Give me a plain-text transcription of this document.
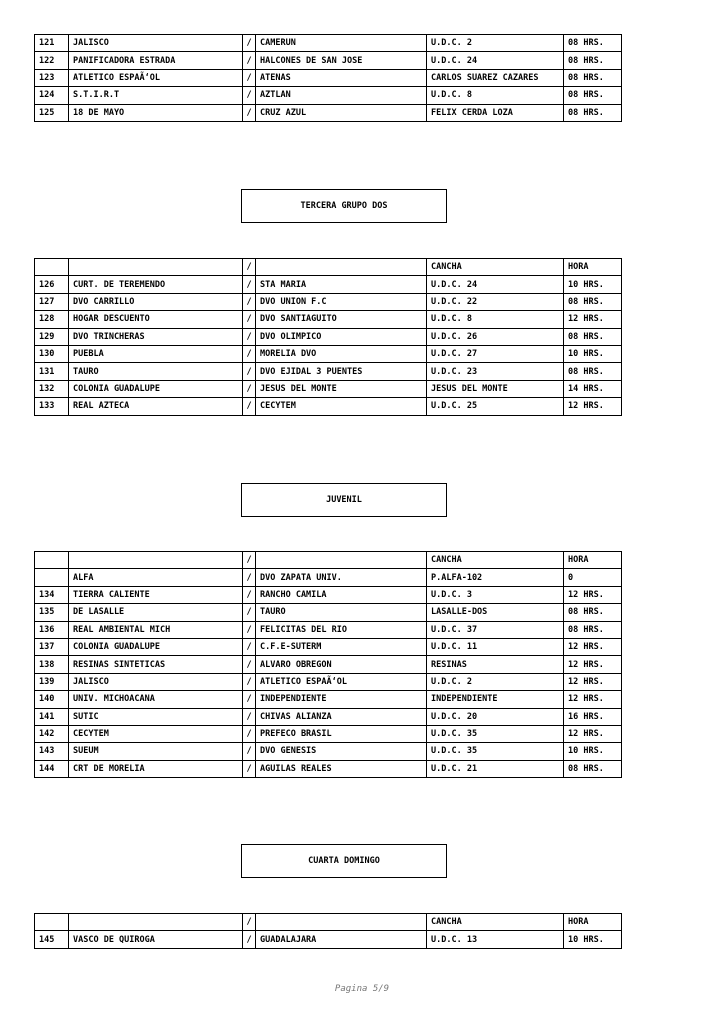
121	JALISCO	/	CAMERUN	U.D.C. 2	08 HRS.
122	PANIFICADORA ESTRADA	/	HALCONES DE SAN JOSE	U.D.C. 24	08 HRS.
123	ATLETICO ESPAÃ‘OL	/	ATENAS	CARLOS SUAREZ CAZARES	08 HRS.
124	S.T.I.R.T	/	AZTLAN	U.D.C. 8	08 HRS.
125	18 DE MAYO	/	CRUZ AZUL	FELIX CERDA LOZA	08 HRS.
TERCERA GRUPO DOS
		/		CANCHA	HORA
126	CURT. DE TEREMENDO	/	STA MARIA	U.D.C. 24	10 HRS.
127	DVO CARRILLO	/	DVO UNION F.C	U.D.C. 22	08 HRS.
128	HOGAR DESCUENTO	/	DVO SANTIAGUITO	U.D.C. 8	12 HRS.
129	DVO TRINCHERAS	/	DVO OLIMPICO	U.D.C. 26	08 HRS.
130	PUEBLA	/	MORELIA DVO	U.D.C. 27	10 HRS.
131	TAURO	/	DVO EJIDAL 3 PUENTES	U.D.C. 23	08 HRS.
132	COLONIA GUADALUPE	/	JESUS DEL MONTE	JESUS DEL MONTE	14 HRS.
133	REAL AZTECA	/	CECYTEM	U.D.C. 25	12 HRS.
JUVENIL
		/		CANCHA	HORA
	ALFA	/	DVO ZAPATA UNIV.	P.ALFA-102	0
134	TIERRA CALIENTE	/	RANCHO CAMILA	U.D.C. 3	12 HRS.
135	DE LASALLE	/	TAURO	LASALLE-DOS	08 HRS.
136	REAL AMBIENTAL MICH	/	FELICITAS DEL RIO	U.D.C. 37	08 HRS.
137	COLONIA GUADALUPE	/	C.F.E-SUTERM	U.D.C. 11	12 HRS.
138	RESINAS SINTETICAS	/	ALVARO OBREGON	RESINAS	12 HRS.
139	JALISCO	/	ATLETICO ESPAÃ‘OL	U.D.C. 2	12 HRS.
140	UNIV. MICHOACANA	/	INDEPENDIENTE	INDEPENDIENTE	12 HRS.
141	SUTIC	/	CHIVAS ALIANZA	U.D.C. 20	16 HRS.
142	CECYTEM	/	PREFECO BRASIL	U.D.C. 35	12 HRS.
143	SUEUM	/	DVO GENESIS	U.D.C. 35	10 HRS.
144	CRT DE MORELIA	/	AGUILAS REALES	U.D.C. 21	08 HRS.
CUARTA DOMINGO
		/		CANCHA	HORA
145	VASCO DE QUIROGA	/	GUADALAJARA	U.D.C. 13	10 HRS.
Pagina 5/9
